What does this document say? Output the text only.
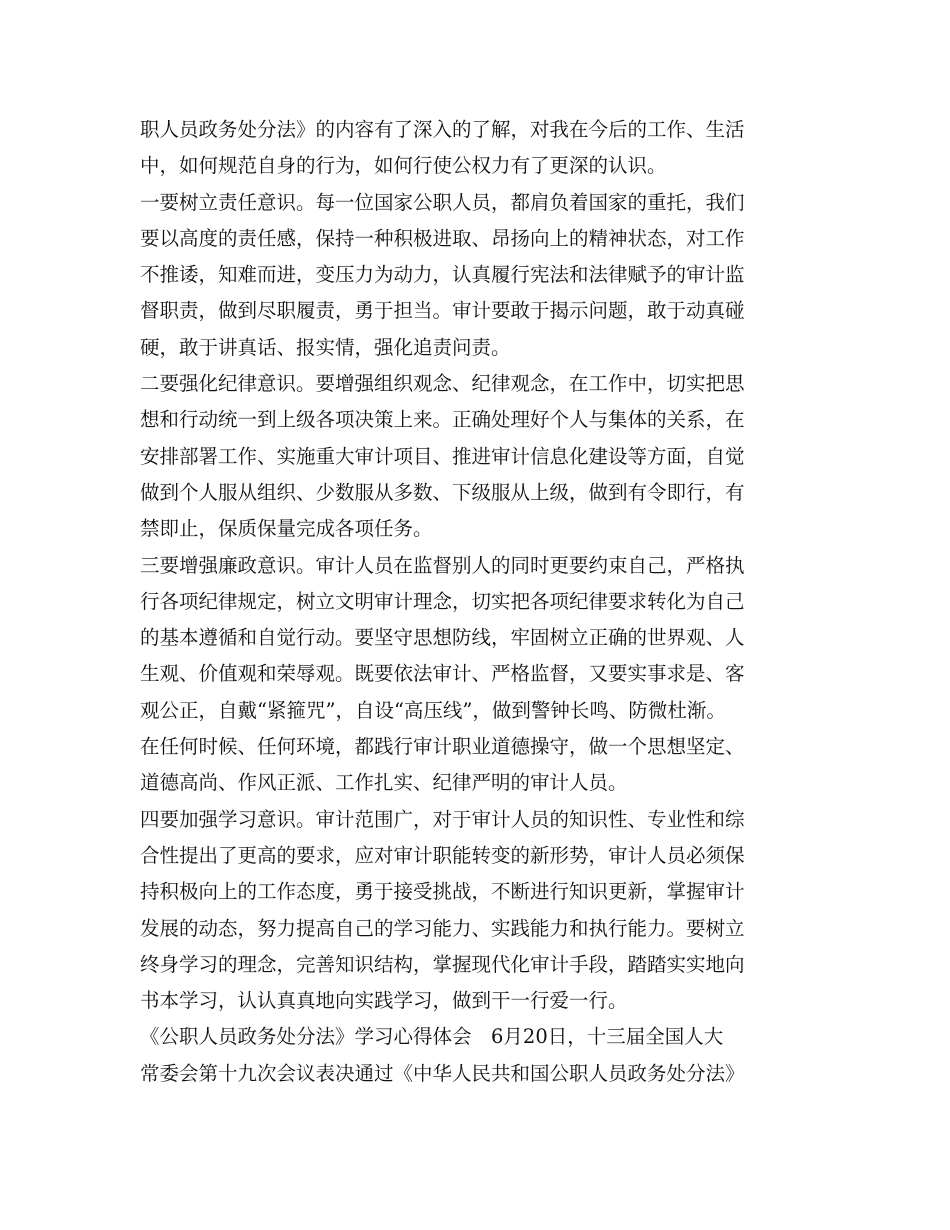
职人员政务处分法》的内容有了深入的了解，对我在今后的工作、生活
中，如何规范自身的行为，如何行使公权力有了更深的认识。
一要树立责任意识。每一位国家公职人员，都肩负着国家的重托，我们
要以高度的责任感，保持一种积极进取、昂扬向上的精神状态，对工作
不推诿，知难而进，变压力为动力，认真履行宪法和法律赋予的审计监
督职责，做到尽职履责，勇于担当。审计要敢于揭示问题，敢于动真碰
硬，敢于讲真话、报实情，强化追责问责。
二要强化纪律意识。要增强组织观念、纪律观念，在工作中，切实把思
想和行动统一到上级各项决策上来。正确处理好个人与集体的关系，在
安排部署工作、实施重大审计项目、推进审计信息化建设等方面，自觉
做到个人服从组织、少数服从多数、下级服从上级，做到有令即行，有
禁即止，保质保量完成各项任务。
三要增强廉政意识。审计人员在监督别人的同时更要约束自己，严格执
行各项纪律规定，树立文明审计理念，切实把各项纪律要求转化为自己
的基本遵循和自觉行动。要坚守思想防线，牢固树立正确的世界观、人
生观、价值观和荣辱观。既要依法审计、严格监督，又要实事求是、客
观公正，自戴“紧箍咒”，自设“高压线”，做到警钟长鸣、防微杜渐。
在任何时候、任何环境，都践行审计职业道德操守，做一个思想坚定、
道德高尚、作风正派、工作扎实、纪律严明的审计人员。
四要加强学习意识。审计范围广，对于审计人员的知识性、专业性和综
合性提出了更高的要求，应对审计职能转变的新形势，审计人员必须保
持积极向上的工作态度，勇于接受挑战，不断进行知识更新，掌握审计
发展的动态，努力提高自己的学习能力、实践能力和执行能力。要树立
终身学习的理念，完善知识结构，掌握现代化审计手段，踏踏实实地向
书本学习，认认真真地向实践学习，做到干一行爱一行。
《公职人员政务处分法》学习心得体会　6月20日，十三届全国人大
常委会第十九次会议表决通过《中华人民共和国公职人员政务处分法》
